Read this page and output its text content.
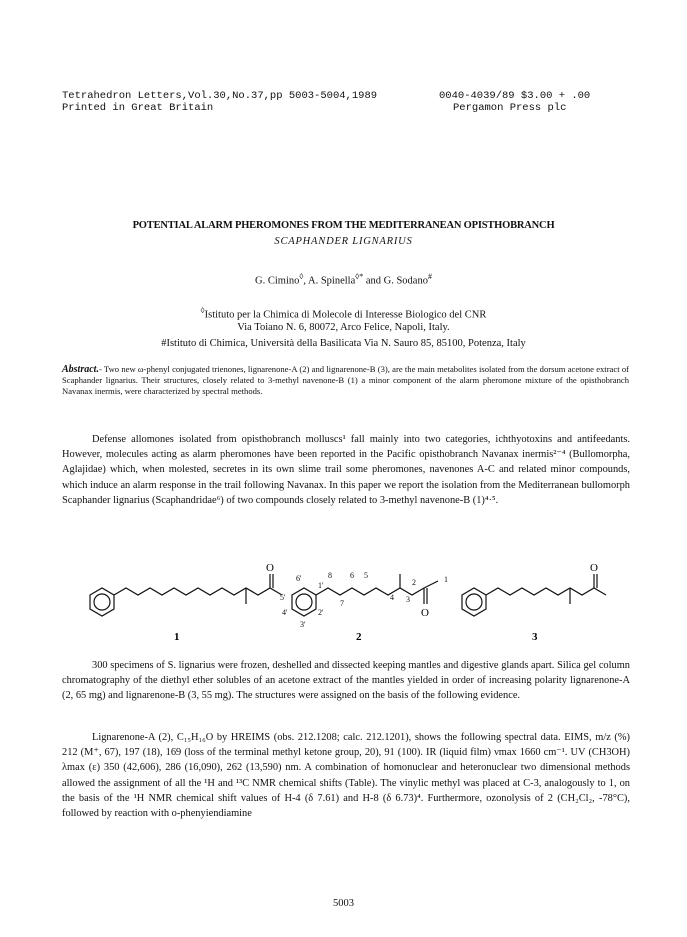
Tetrahedron Letters,Vol.30,No.37,pp 5003-5004,1989
Printed in Great Britain
0040-4039/89 $3.00 + .00
Pergamon Press plc
POTENTIAL ALARM PHEROMONES FROM THE MEDITERRANEAN OPISTHOBRANCH
SCAPHANDER LIGNARIUS
G. Cimino◊, A. Spinella◊* and G. Sodano#
◊Istituto per la Chimica di Molecole di Interesse Biologico del CNR
Via Toiano N. 6, 80072, Arco Felice, Napoli, Italy.
#Istituto di Chimica, Università della Basilicata Via N. Sauro 85, 85100, Potenza, Italy
Abstract.- Two new ω-phenyl conjugated trienones, lignarenone-A (2) and lignarenone-B (3), are the main metabolites isolated from the dorsum acetone extract of Scaphander lignarius. Their structures, closely related to 3-methyl navenone-B (1) a minor component of the alarm pheromone mixture of the opisthobranch Navanax inermis, were characterized by spectral methods.

Defense allomones isolated from opisthobranch molluscs¹ fall mainly into two categories, ichthyotoxins and antifeedants. However, molecules acting as alarm pheromones have been reported in the Pacific opisthobranch Navanax inermis²⁻⁴ (Bullomorpha, Aglajidae) which, when molested, secretes in its own slime trail some pheromones, navenones A-C and related minor compounds, which induce an alarm response in the trail following Navanax. In this paper we report the isolation from the Mediterranean bullomorph Scaphander lignarius (Scaphandridae⁶) of two compounds closely related to 3-methyl navenone-B (1)⁴·⁵.

O
1
O
6'	8 6 5
1'
7
5'	4
2	1
3
4'	2'
3'
2
O
3

300 specimens of S. lignarius were frozen, deshelled and dissected keeping mantles and digestive glands apart. Silica gel column chromatography of the diethyl ether solubles of an acetone extract of the mantles yielded in order of increasing polarity lignarenone-A (2, 65 mg) and lignarenone-B (3, 55 mg). The structures were assigned on the basis of the following evidence.

Lignarenone-A (2), C₁₅H₁₆O by HREIMS (obs. 212.1208; calc. 212.1201), shows the following spectral data. EIMS, m/z (%) 212 (M⁺, 67), 197 (18), 169 (loss of the terminal methyl ketone group, 20), 91 (100). IR (liquid film) νmax 1660 cm⁻¹. UV (CH3OH) λmax (ε) 350 (42,606), 286 (16,090), 262 (13,590) nm. A combination of homonuclear and heteronuclear two dimensional methods allowed the assignment of all the ¹H and ¹³C NMR chemical shifts (Table). The vinylic methyl was placed at C-3, analogously to 1, on the basis of the ¹H NMR chemical shift values of H-4 (δ 7.61) and H-8 (δ 6.73)⁴. Furthermore, ozonolysis of 2 (CH₂Cl₂, -78°C), followed by reaction with o-phenyiendiamine

5003
